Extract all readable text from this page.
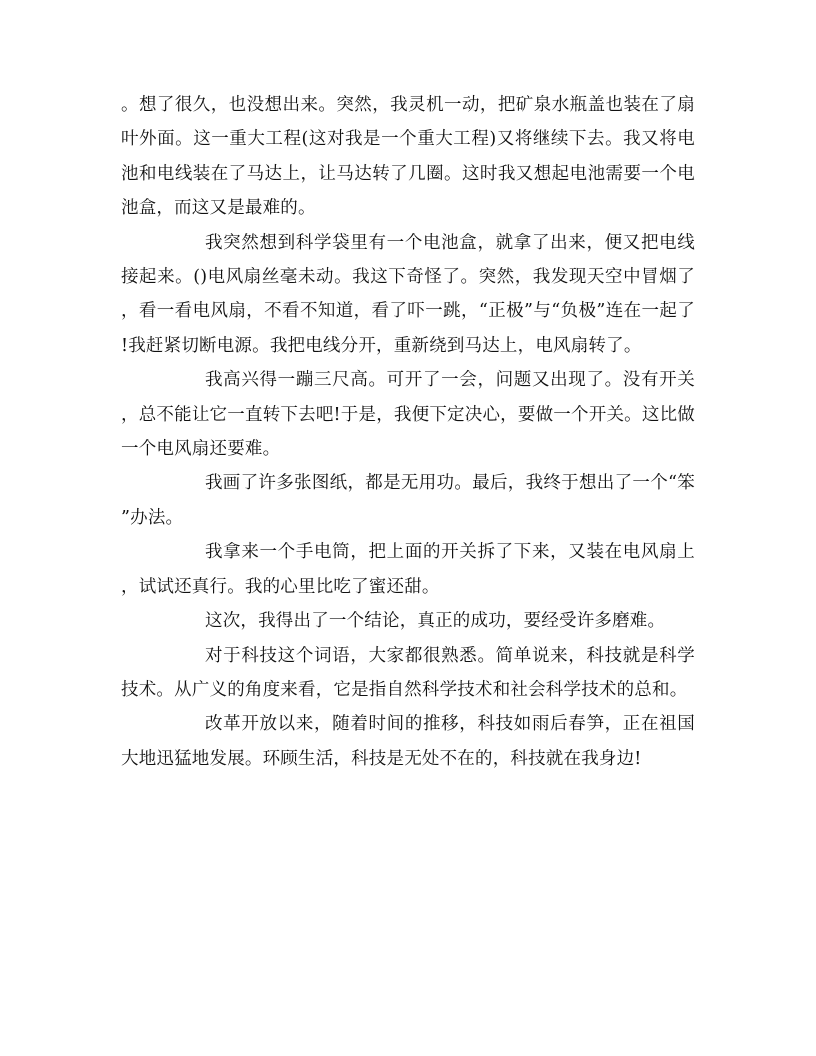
。想了很久，也没想出来。突然，我灵机一动，把矿泉水瓶盖也装在了扇叶外面。这一重大工程(这对我是一个重大工程)又将继续下去。我又将电池和电线装在了马达上，让马达转了几圈。这时我又想起电池需要一个电池盒，而这又是最难的。

我突然想到科学袋里有一个电池盒，就拿了出来，便又把电线接起来。()电风扇丝毫未动。我这下奇怪了。突然，我发现天空中冒烟了，看一看电风扇，不看不知道，看了吓一跳，“正极”与“负极”连在一起了!我赶紧切断电源。我把电线分开，重新绕到马达上，电风扇转了。

我高兴得一蹦三尺高。可开了一会，问题又出现了。没有开关，总不能让它一直转下去吧!于是，我便下定决心，要做一个开关。这比做一个电风扇还要难。

我画了许多张图纸，都是无用功。最后，我终于想出了一个“笨”办法。

我拿来一个手电筒，把上面的开关拆了下来，又装在电风扇上，试试还真行。我的心里比吃了蜜还甜。

这次，我得出了一个结论，真正的成功，要经受许多磨难。

对于科技这个词语，大家都很熟悉。简单说来，科技就是科学技术。从广义的角度来看，它是指自然科学技术和社会科学技术的总和。

改革开放以来，随着时间的推移，科技如雨后春笋，正在祖国大地迅猛地发展。环顾生活，科技是无处不在的，科技就在我身边!
